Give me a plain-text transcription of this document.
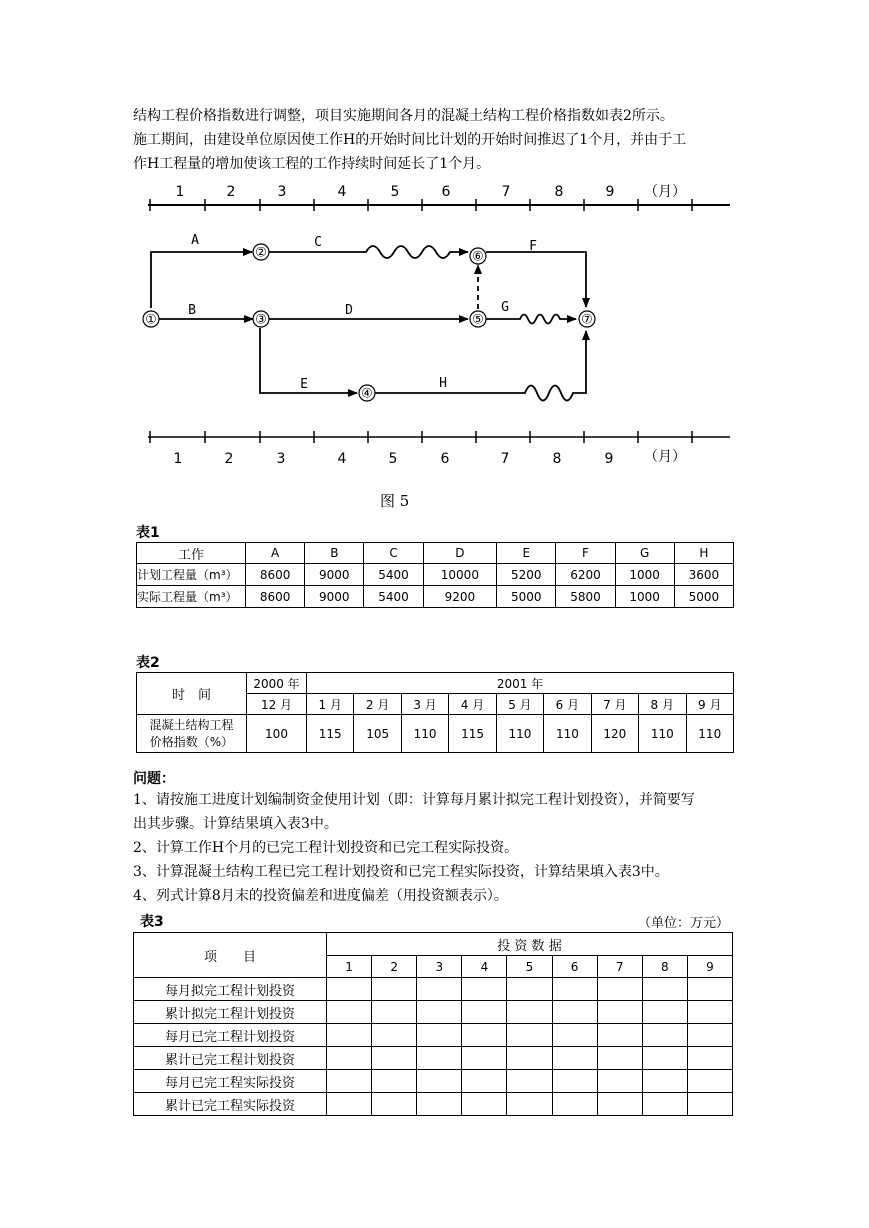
结构工程价格指数进行调整，项目实施期间各月的混凝土结构工程价格指数如表2所示。
施工期间，由建设单位原因使工作H的开始时间比计划的开始时间推迟了1个月，并由于工
作H工程量的增加使该工程的工作持续时间延长了1个月。
1	2	3	4	5	6	7	8	9 （月）
①
②
③
④
⑤
⑥
⑦
A
B
C
D
E
F
G
H
1	2	3	4	5	6	7	8	9 （月）
图 5
表1
工作	A	B	C	D	E	F	G	H
计划工程量（m³）	8600	9000	5400	10000	5200	6200	1000	3600
实际工程量（m³）	8600	9000	5400	9200	5000	5800	1000	5000
表2
时　间	2000 年	2001 年								
	12 月	1 月	2 月	3 月	4 月	5 月	6 月	7 月	8 月	9 月

混凝土结构工程
价格指数（%）	100	115	105	110	115	110	110	120	110	110
问题：
1、请按施工进度计划编制资金使用计划（即：计算每月累计拟完工程计划投资），并简要写
出其步骤。计算结果填入表3中。
2、计算工作H个月的已完工程计划投资和已完工程实际投资。
3、计算混凝土结构工程已完工程计划投资和已完工程实际投资，计算结果填入表3中。
4、列式计算8月末的投资偏差和进度偏差（用投资额表示）。
表3	（单位：万元）
项　　目	投 资 数 据								
	1	2	3	4	5	6	7	8	9
每月拟完工程计划投资									
累计拟完工程计划投资									
每月已完工程计划投资									
累计已完工程计划投资									
每月已完工程实际投资									
累计已完工程实际投资									
